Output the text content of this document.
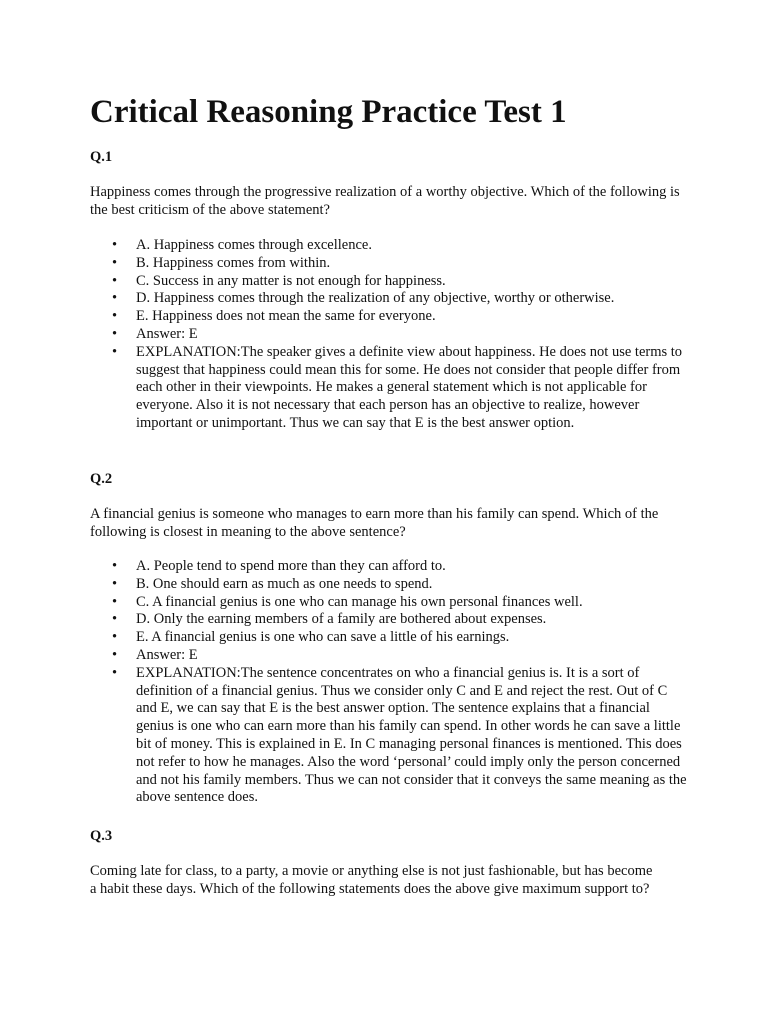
Critical Reasoning Practice Test 1

Q.1

Happiness comes through the progressive realization of a worthy objective. Which of the following is the best criticism of the above statement?

• A. Happiness comes through excellence.
• B. Happiness comes from within.
• C. Success in any matter is not enough for happiness.
• D. Happiness comes through the realization of any objective, worthy or otherwise.
• E. Happiness does not mean the same for everyone.
• Answer: E
• EXPLANATION:The speaker gives a definite view about happiness. He does not use terms to suggest that happiness could mean this for some. He does not consider that people differ from each other in their viewpoints. He makes a general statement which is not applicable for everyone. Also it is not necessary that each person has an objective to realize, however important or unimportant. Thus we can say that E is the best answer option.

Q.2

A financial genius is someone who manages to earn more than his family can spend. Which of the following is closest in meaning to the above sentence?

• A. People tend to spend more than they can afford to.
• B. One should earn as much as one needs to spend.
• C. A financial genius is one who can manage his own personal finances well.
• D. Only the earning members of a family are bothered about expenses.
• E. A financial genius is one who can save a little of his earnings.
• Answer: E
• EXPLANATION:The sentence concentrates on who a financial genius is. It is a sort of definition of a financial genius. Thus we consider only C and E and reject the rest. Out of C and E, we can say that E is the best answer option. The sentence explains that a financial genius is one who can earn more than his family can spend. In other words he can save a little bit of money. This is explained in E. In C managing personal finances is mentioned. This does not refer to how he manages. Also the word ‘personal’ could imply only the person concerned and not his family members. Thus we can not consider that it conveys the same meaning as the above sentence does.

Q.3

Coming late for class, to a party, a movie or anything else is not just fashionable, but has become a habit these days. Which of the following statements does the above give maximum support to?
